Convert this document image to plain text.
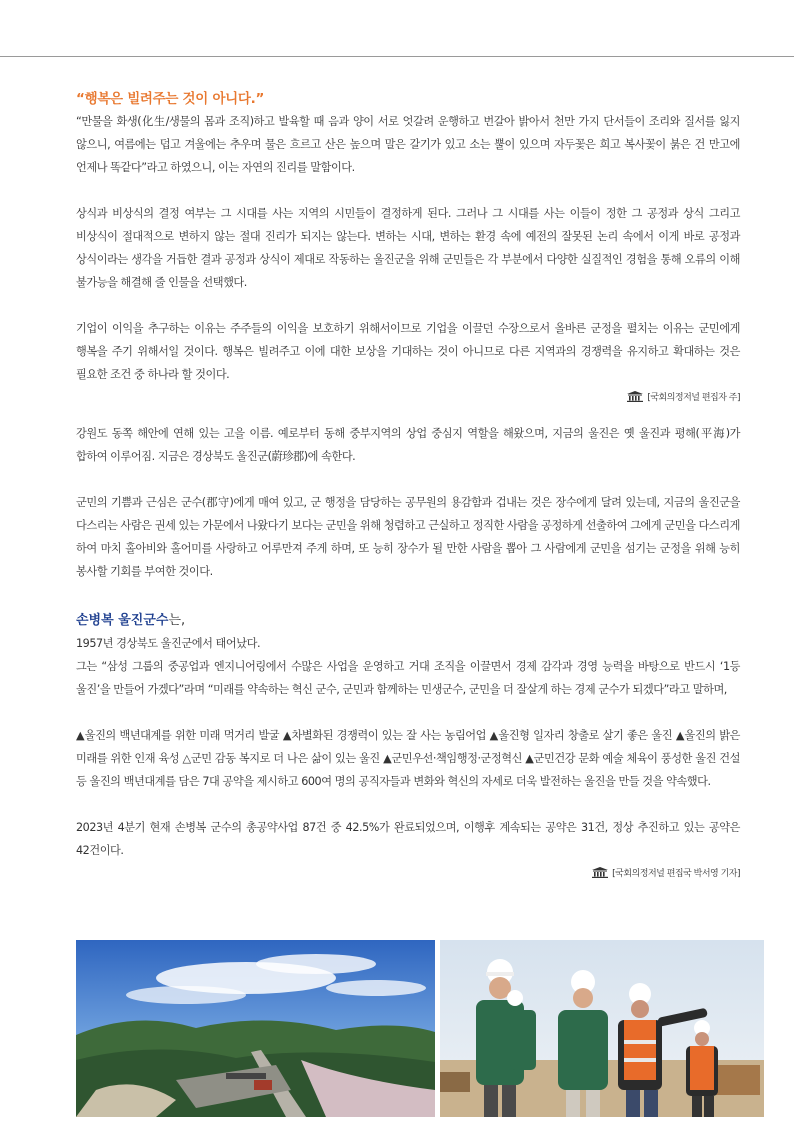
“행복은 빌려주는 것이 아니다.”

“만물을 화생(化生/생물의 몸과 조직)하고 발육할 때 음과 양이 서로 엇갈려 운행하고 번갈아 밝아서 천만 가지 단서들이 조리와 질서를 잃지 않으니, 여름에는 덥고 겨울에는 추우며 물은 흐르고 산은 높으며 말은 갈기가 있고 소는 뿔이 있으며 자두꽃은 희고 복사꽃이 붉은 건 만고에 언제나 똑같다”라고 하였으니, 이는 자연의 진리를 말함이다.

상식과 비상식의 결정 여부는 그 시대를 사는 지역의 시민들이 결정하게 된다. 그러나 그 시대를 사는 이들이 정한 그 공정과 상식 그리고 비상식이 절대적으로 변하지 않는 절대 진리가 되지는 않는다. 변하는 시대, 변하는 환경 속에 예전의 잘못된 논리 속에서 이게 바로 공정과 상식이라는 생각을 거듭한 결과 공정과 상식이 제대로 작동하는 울진군을 위해 군민들은 각 부분에서 다양한 실질적인 경험을 통해 오류의 이해 불가능을 해결해 줄 인물을 선택했다.

기업이 이익을 추구하는 이유는 주주들의 이익을 보호하기 위해서이므로 기업을 이끌던 수장으로서 올바른 군정을 펼치는 이유는 군민에게 행복을 주기 위해서일 것이다. 행복은 빌려주고 이에 대한 보상을 기대하는 것이 아니므로 다른 지역과의 경쟁력을 유지하고 확대하는 것은 필요한 조건 중 하나라 할 것이다.

[국회의정저널 편집자 주]

강원도 동쪽 해안에 연해 있는 고을 이름. 예로부터 동해 중부지역의 상업 중심지 역할을 해왔으며, 지금의 울진은 옛 울진과 평해(平海)가 합하여 이루어짐. 지금은 경상북도 울진군(蔚珍郡)에 속한다.

군민의 기쁨과 근심은 군수(郡守)에게 매여 있고, 군 행정을 담당하는 공무원의 용감함과 겁내는 것은 장수에게 달려 있는데, 지금의 울진군을 다스리는 사람은 권세 있는 가문에서 나왔다기 보다는 군민을 위해 청렴하고 근실하고 정직한 사람을 공정하게 선출하여 그에게 군민을 다스리게 하여 마치 홀아비와 홀어미를 사랑하고 어루만져 주게 하며, 또 능히 장수가 될 만한 사람을 뽑아 그 사람에게 군민을 섬기는 군정을 위해 능히 봉사할 기회를 부여한 것이다.

손병복 울진군수는,

1957년 경상북도 울진군에서 태어났다.

그는 “삼성 그룹의 중공업과 엔지니어링에서 수많은 사업을 운영하고 거대 조직을 이끌면서 경제 감각과 경영 능력을 바탕으로 반드시 ‘1등 울진’을 만들어 가겠다”라며 “미래를 약속하는 혁신 군수, 군민과 함께하는 민생군수, 군민을 더 잘살게 하는 경제 군수가 되겠다”라고 말하며,

▲울진의 백년대계를 위한 미래 먹거리 발굴 ▲차별화된 경쟁력이 있는 잘 사는 농림어업 ▲울진형 일자리 창출로 살기 좋은 울진 ▲울진의 밝은 미래를 위한 인재 육성 △군민 감동 복지로 더 나은 삶이 있는 울진 ▲군민우선·책임행정·군정혁신 ▲군민건강 문화 예술 체육이 풍성한 울진 건설 등 울진의 백년대계를 담은 7대 공약을 제시하고 600여 명의 공직자들과 변화와 혁신의 자세로 더욱 발전하는 울진을 만들 것을 약속했다.

2023년 4분기 현재 손병복 군수의 총공약사업 87건 중 42.5%가 완료되었으며, 이행후 계속되는 공약은 31건, 정상 추진하고 있는 공약은 42건이다.

[국회의정저널 편집국 박서영 기자]
